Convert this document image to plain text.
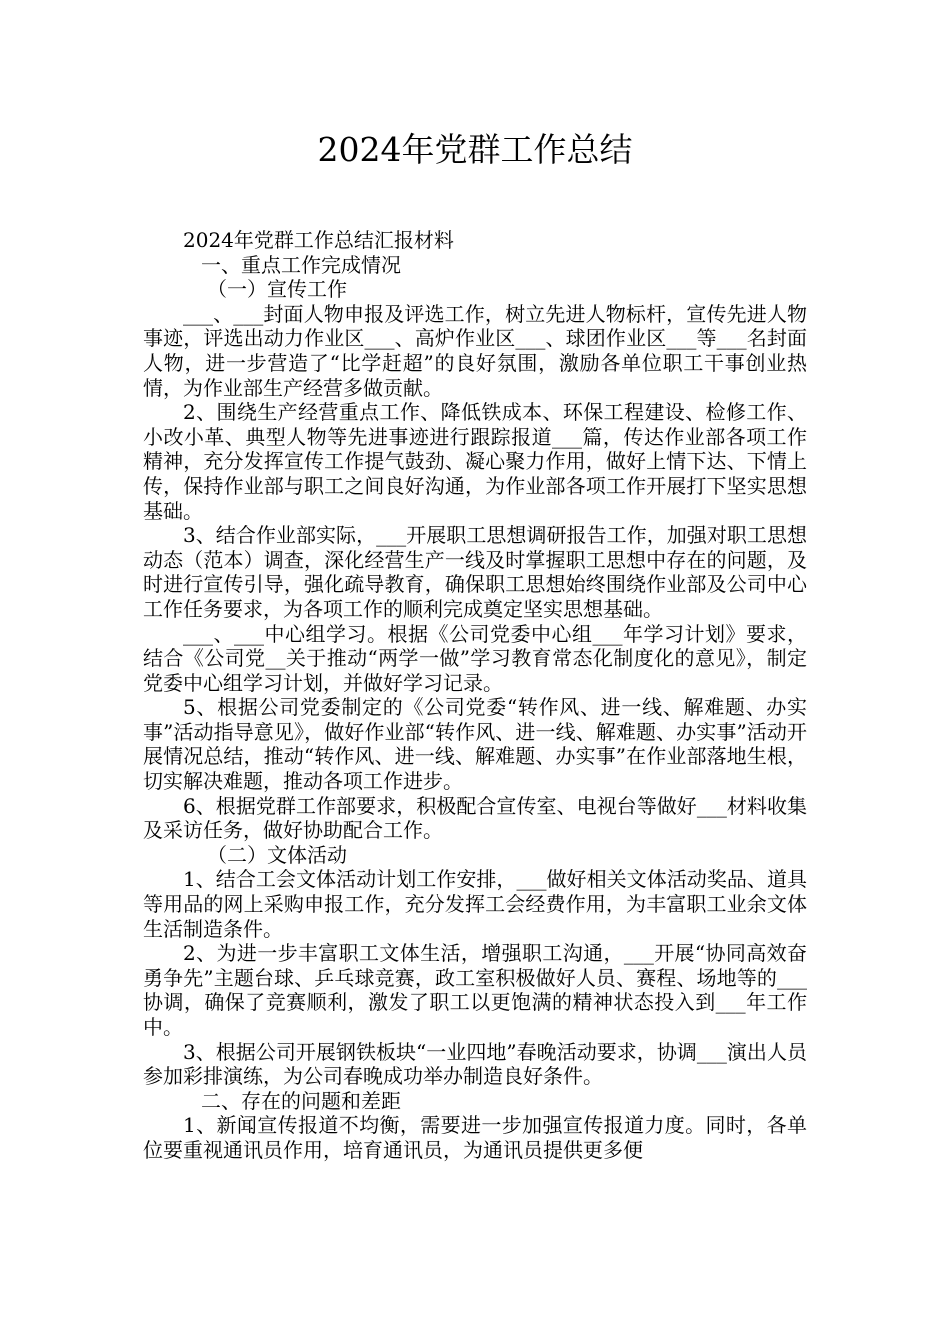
2024年党群工作总结

2024年党群工作总结汇报材料

一、重点工作完成情况

（一）宣传工作

___、___封面人物申报及评选工作，树立先进人物标杆，宣传先进人物事迹，评选出动力作业区___、高炉作业区___、球团作业区___等___名封面人物，进一步营造了“比学赶超”的良好氛围，激励各单位职工干事创业热情，为作业部生产经营多做贡献。

2、围绕生产经营重点工作、降低铁成本、环保工程建设、检修工作、小改小革、典型人物等先进事迹进行跟踪报道___篇，传达作业部各项工作精神，充分发挥宣传工作提气鼓劲、凝心聚力作用，做好上情下达、下情上传，保持作业部与职工之间良好沟通，为作业部各项工作开展打下坚实思想基础。

3、结合作业部实际，___开展职工思想调研报告工作，加强对职工思想动态（范本）调查，深化经营生产一线及时掌握职工思想中存在的问题，及时进行宣传引导，强化疏导教育，确保职工思想始终围绕作业部及公司中心工作任务要求，为各项工作的顺利完成奠定坚实思想基础。

___、___中心组学习。根据《公司党委中心组___年学习计划》要求，结合《公司党__关于推动“两学一做”学习教育常态化制度化的意见》，制定党委中心组学习计划，并做好学习记录。

5、根据公司党委制定的《公司党委“转作风、进一线、解难题、办实事”活动指导意见》，做好作业部“转作风、进一线、解难题、办实事”活动开展情况总结，推动“转作风、进一线、解难题、办实事”在作业部落地生根，切实解决难题，推动各项工作进步。

6、根据党群工作部要求，积极配合宣传室、电视台等做好___材料收集及采访任务，做好协助配合工作。

（二）文体活动

1、结合工会文体活动计划工作安排，___做好相关文体活动奖品、道具等用品的网上采购申报工作，充分发挥工会经费作用，为丰富职工业余文体生活制造条件。

2、为进一步丰富职工文体生活，增强职工沟通，___开展“协同高效奋勇争先”主题台球、乒乓球竞赛，政工室积极做好人员、赛程、场地等的___协调，确保了竞赛顺利，激发了职工以更饱满的精神状态投入到___年工作中。

3、根据公司开展钢铁板块“一业四地”春晚活动要求，协调___演出人员参加彩排演练，为公司春晚成功举办制造良好条件。

二、存在的问题和差距

1、新闻宣传报道不均衡，需要进一步加强宣传报道力度。同时，各单位要重视通讯员作用，培育通讯员，为通讯员提供更多便
